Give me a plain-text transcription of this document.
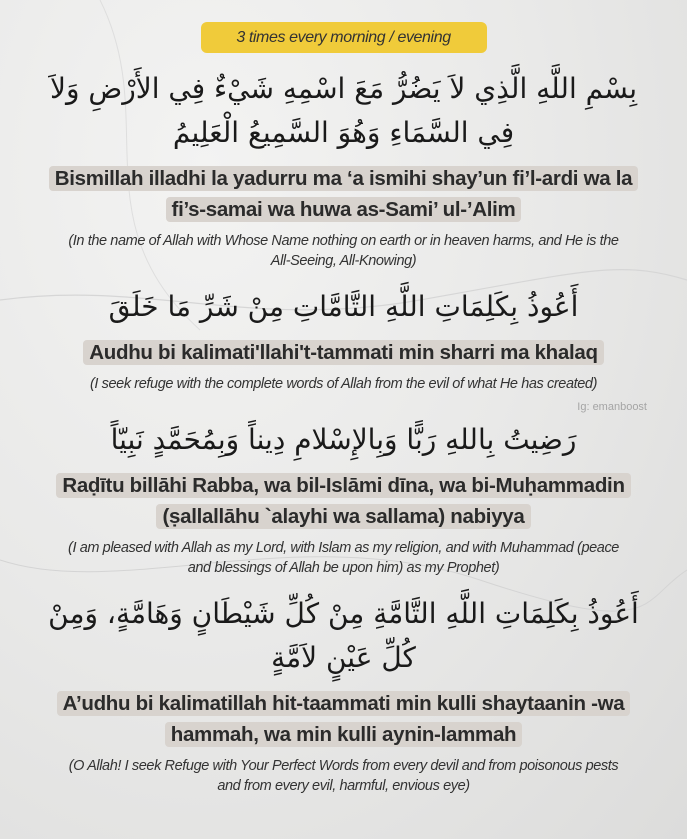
3 times every morning / evening
بِسْمِ اللَّهِ الَّذِي لاَ يَضُرُّ مَعَ اسْمِهِ شَيْءٌ فِي الأَرْضِ وَلاَ فِي السَّمَاءِ وَهُوَ السَّمِيعُ الْعَلِيمُ
Bismillah illadhi la yadurru ma ‘a ismihi shay’un fi’l-ardi wa la fi’s-samai wa huwa as-Sami’ ul-’Alim
(In the name of Allah with Whose Name nothing on earth or in heaven harms, and He is the All-Seeing, All-Knowing)
أَعُوذُ بِكَلِمَاتِ اللَّهِ التَّامَّاتِ مِنْ شَرِّ مَا خَلَقَ
Audhu bi kalimati'llahi't-tammati min sharri ma khalaq
(I seek refuge with the complete words of Allah from the evil of what He has created)
Ig: emanboost
رَضِيتُ بِاللهِ رَبًّا وَبِالإِسْلامِ دِيناً وَبِمُحَمَّدٍ نَبِيّاً
Raḍītu billāhi Rabba, wa bil-Islāmi dīna, wa bi-Muḥammadin (ṣallallāhu `alayhi wa sallama) nabiyya
(I am pleased with Allah as my Lord, with Islam as my religion, and with Muhammad (peace and blessings of Allah be upon him) as my Prophet)
أَعُوذُ بِكَلِمَاتِ اللَّهِ التَّامَّةِ مِنْ كُلِّ شَيْطَانٍ وَهَامَّةٍ، وَمِنْ كُلِّ عَيْنٍ لاَمَّةٍ
A’udhu bi kalimatillah hit-taammati min kulli shaytaanin -wa hammah, wa min kulli aynin-lammah
(O Allah! I seek Refuge with Your Perfect Words from every devil and from poisonous pests and from every evil, harmful, envious eye)
